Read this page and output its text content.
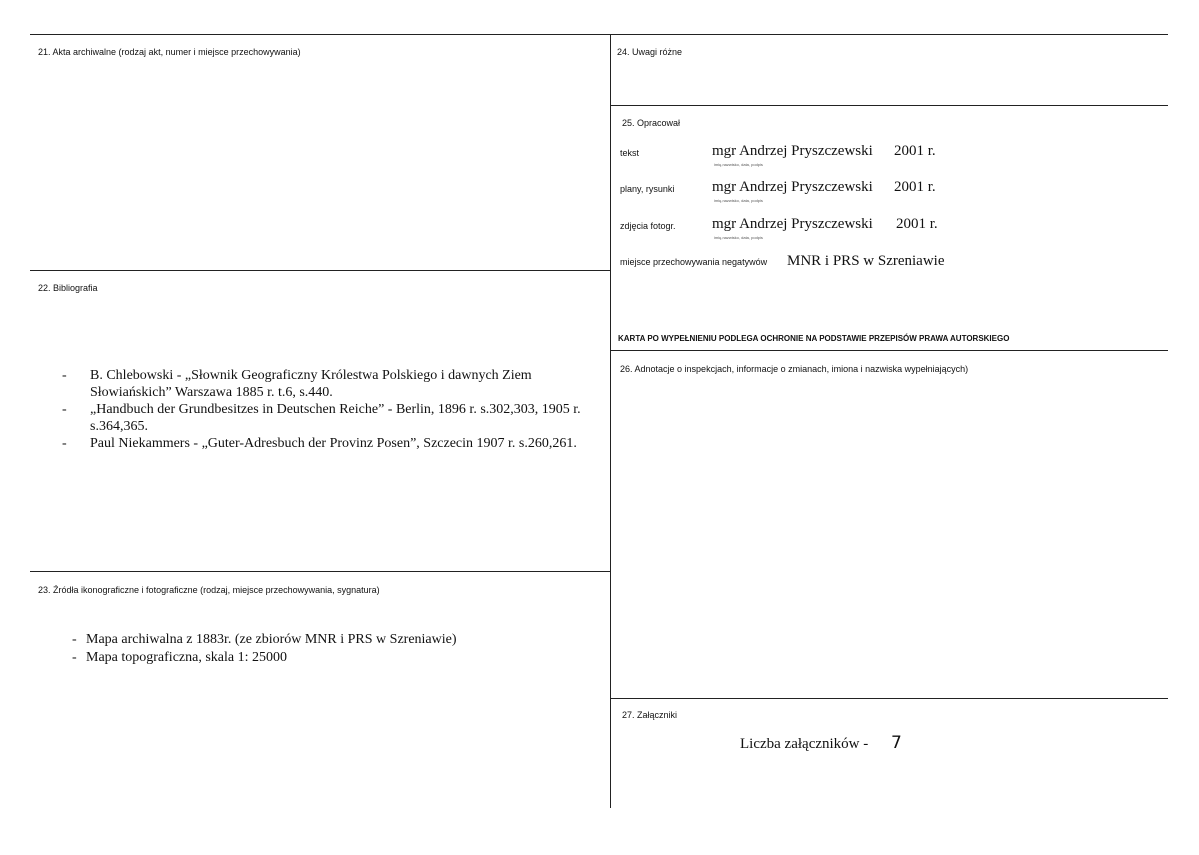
21. Akta archiwalne (rodzaj akt, numer i miejsce przechowywania)
22. Bibliografia
- B. Chlebowski - „Słownik Geograficzny Królestwa Polskiego i dawnych Ziem Słowiańskich” Warszawa 1885 r. t.6, s.440.
- „Handbuch der Grundbesitzes in Deutschen Reiche” - Berlin, 1896 r. s.302,303, 1905 r. s.364,365.
- Paul Niekammers - „Guter-Adresbuch der Provinz Posen”, Szczecin 1907 r. s.260,261.
23. Źródła ikonograficzne i fotograficzne (rodzaj, miejsce przechowywania, sygnatura)
- Mapa archiwalna z 1883r. (ze zbiorów MNR i PRS w Szreniawie)
- Mapa topograficzna, skala 1: 25000
24. Uwagi różne
25. Opracował
tekst	mgr Andrzej Pryszczewski 2001 r.
imię,nazwisko, data, podpis
plany, rysunki	mgr Andrzej Pryszczewski 2001 r.
imię,nazwisko, data, podpis
zdjęcia fotogr. mgr Andrzej Pryszczewski 2001 r.
imię,nazwisko, data, podpis
miejsce przechowywania negatywów MNR i PRS w Szreniawie
KARTA PO WYPEŁNIENIU PODLEGA OCHRONIE NA PODSTAWIE PRZEPISÓW PRAWA AUTORSKIEGO
26. Adnotacje o inspekcjach, informacje o zmianach, imiona i nazwiska wypełniających)
27. Załączniki
Liczba załączników - 7
